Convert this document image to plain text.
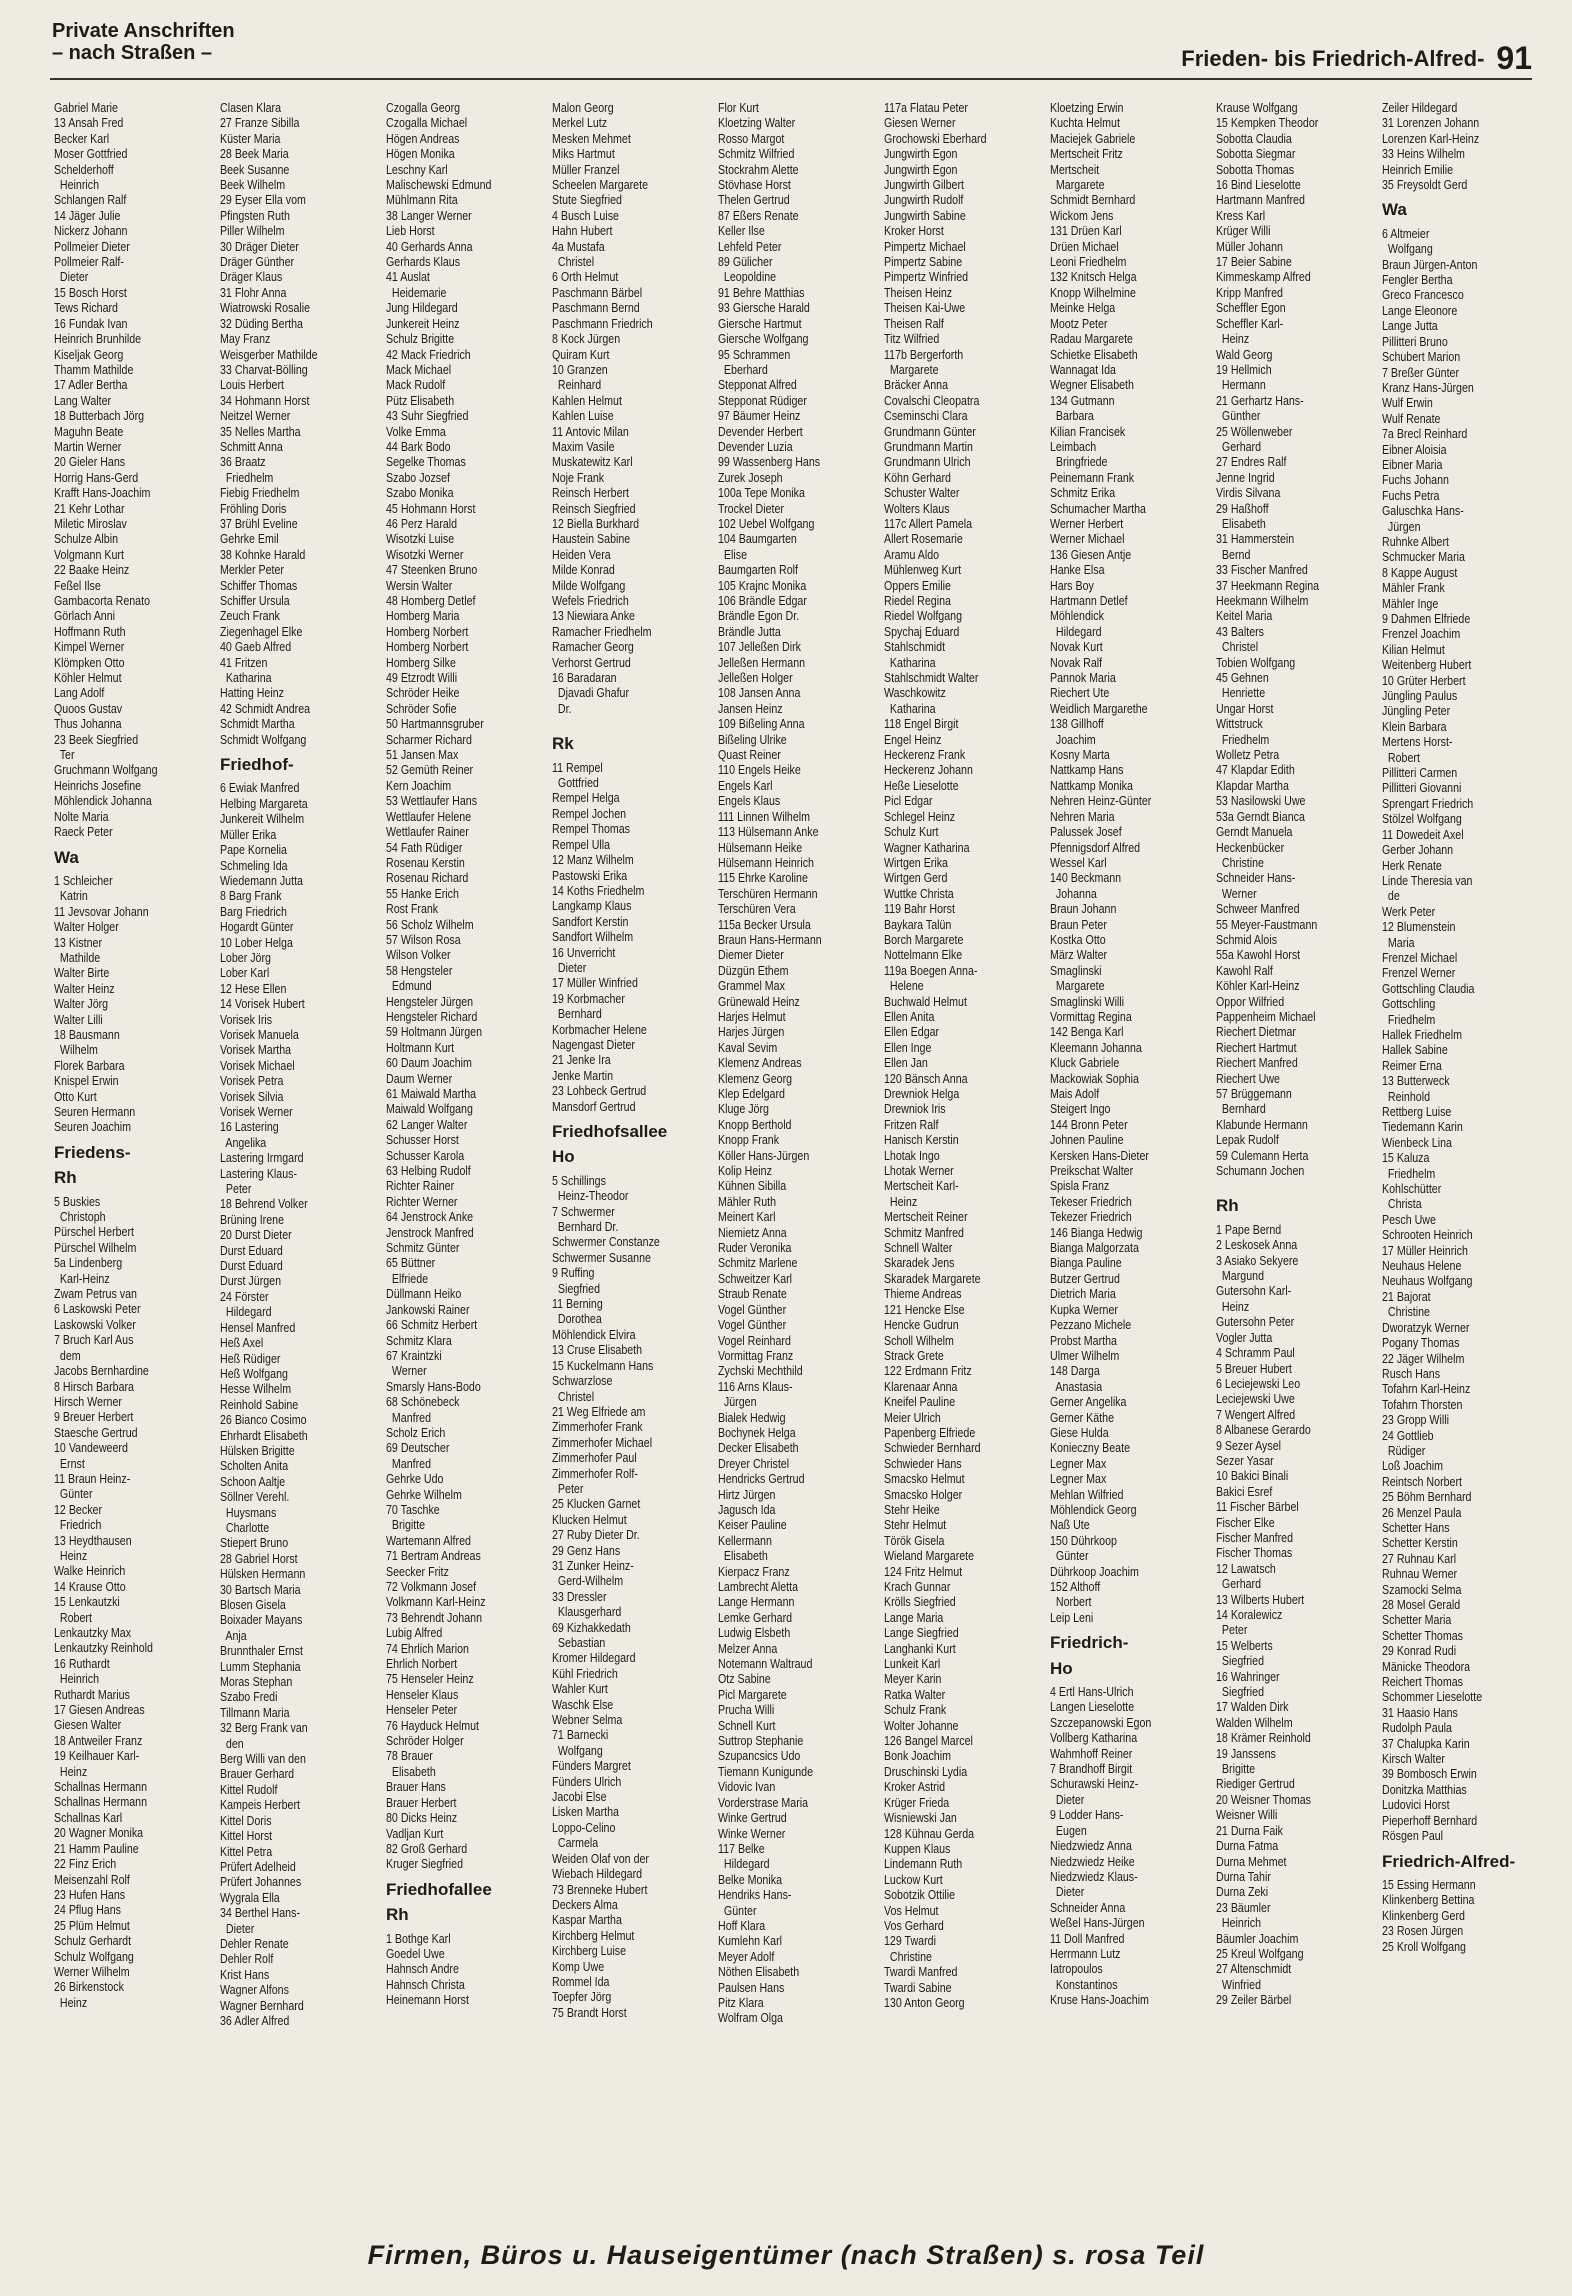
Private Anschriften
– nach Straßen –	Frieden- bis Friedrich-Alfred- 91
Gabriel Marie
13 Ansah Fred
Becker Karl
Moser Gottfried
Schelderhoff
Heinrich
Schlangen Ralf
14 Jäger Julie
Nickerz Johann
Pollmeier Dieter
Pollmeier Ralf-
Dieter
15 Bosch Horst
Tews Richard
16 Fundak Ivan
Heinrich Brunhilde
Kiseljak Georg
Thamm Mathilde
17 Adler Bertha
Lang Walter
18 Butterbach Jörg
Maguhn Beate
Martin Werner
20 Gieler Hans
Horrig Hans-Gerd
Krafft Hans-Joachim
21 Kehr Lothar
Miletic Miroslav
Schulze Albin
Volgmann Kurt
22 Baake Heinz
Feßel Ilse
Gambacorta Renato
Görlach Anni
Hoffmann Ruth
Kimpel Werner
Klömpken Otto
Köhler Helmut
Lang Adolf
Quoos Gustav
Thus Johanna
23 Beek Siegfried
Ter
Gruchmann Wolfgang
Heinrichs Josefine
Möhlendick Johanna
Nolte Maria
Raeck Peter
Wa
1 Schleicher
Katrin
11 Jevsovar Johann
Walter Holger
13 Kistner
Mathilde
Walter Birte
Walter Heinz
Walter Jörg
Walter Lilli
18 Bausmann
Wilhelm
Florek Barbara
Knispel Erwin
Otto Kurt
Seuren Hermann
Seuren Joachim
Friedens-
Rh
5 Buskies
Christoph
Pürschel Herbert
Pürschel Wilhelm
5a Lindenberg
Karl-Heinz
Zwam Petrus van
6 Laskowski Peter
Laskowski Volker
7 Bruch Karl Aus
dem
Jacobs Bernhardine
8 Hirsch Barbara
Hirsch Werner
9 Breuer Herbert
Staesche Gertrud
10 Vandeweerd
Ernst
11 Braun Heinz-
Günter
12 Becker
Friedrich
13 Heydthausen
Heinz
Walke Heinrich
14 Krause Otto
15 Lenkautzki
Robert
Lenkautzky Max
Lenkautzky Reinhold
16 Ruthardt
Heinrich
Ruthardt Marius
17 Giesen Andreas
Giesen Walter
18 Antweiler Franz
19 Keilhauer Karl-
Heinz
Schallnas Hermann
Schallnas Hermann
Schallnas Karl
20 Wagner Monika
21 Hamm Pauline
22 Finz Erich
Meisenzahl Rolf
23 Hufen Hans
24 Pflug Hans
25 Plüm Helmut
Schulz Gerhardt
Schulz Wolfgang
Werner Wilhelm
26 Birkenstock
Heinz
Clasen Klara
27 Franze Sibilla
Küster Maria
28 Beek Maria
Beek Susanne
Beek Wilhelm
29 Eyser Ella vom
Pfingsten Ruth
Piller Wilhelm
30 Dräger Dieter
Dräger Günther
Dräger Klaus
31 Flohr Anna
Wiatrowski Rosalie
32 Düding Bertha
May Franz
Weisgerber Mathilde
33 Charvat-Bölling
Louis Herbert
34 Hohmann Horst
Neitzel Werner
35 Nelles Martha
Schmitt Anna
36 Braatz
Friedhelm
Fiebig Friedhelm
Fröhling Doris
37 Brühl Eveline
Gehrke Emil
38 Kohnke Harald
Merkler Peter
Schiffer Thomas
Schiffer Ursula
Zeuch Frank
Ziegenhagel Elke
40 Gaeb Alfred
41 Fritzen
Katharina
Hatting Heinz
42 Schmidt Andrea
Schmidt Martha
Schmidt Wolfgang
Friedhof-
6 Ewiak Manfred
Helbing Margareta
Junkereit Wilhelm
Müller Erika
Pape Kornelia
Schmeling Ida
Wiedemann Jutta
8 Barg Frank
Barg Friedrich
Hogardt Günter
10 Lober Helga
Lober Jörg
Lober Karl
12 Hese Ellen
14 Vorisek Hubert
Vorisek Iris
Vorisek Manuela
Vorisek Martha
Vorisek Michael
Vorisek Petra
Vorisek Silvia
Vorisek Werner
16 Lastering
Angelika
Lastering Irmgard
Lastering Klaus-
Peter
18 Behrend Volker
Brüning Irene
20 Durst Dieter
Durst Eduard
Durst Eduard
Durst Jürgen
24 Förster
Hildegard
Hensel Manfred
Heß Axel
Heß Rüdiger
Heß Wolfgang
Hesse Wilhelm
Reinhold Sabine
26 Bianco Cosimo
Ehrhardt Elisabeth
Hülsken Brigitte
Scholten Anita
Schoon Aaltje
Söllner Verehl.
Huysmans
Charlotte
Stiepert Bruno
28 Gabriel Horst
Hülsken Hermann
30 Bartsch Maria
Blosen Gisela
Boixader Mayans
Anja
Brunnthaler Ernst
Lumm Stephania
Moras Stephan
Szabo Fredi
Tillmann Maria
32 Berg Frank van
den
Berg Willi van den
Brauer Gerhard
Kittel Rudolf
Kampeis Herbert
Kittel Doris
Kittel Horst
Kittel Petra
Prüfert Adelheid
Prüfert Johannes
Wygrala Ella
34 Berthel Hans-
Dieter
Dehler Renate
Dehler Rolf
Krist Hans
Wagner Alfons
Wagner Bernhard
36 Adler Alfred
Czogalla Georg
Czogalla Michael
Högen Andreas
Högen Monika
Leschny Karl
Malischewski Edmund
Mühlmann Rita
38 Langer Werner
Lieb Horst
40 Gerhards Anna
Gerhards Klaus
41 Auslat
Heidemarie
Jung Hildegard
Junkereit Heinz
Schulz Brigitte
42 Mack Friedrich
Mack Michael
Mack Rudolf
Pütz Elisabeth
43 Suhr Siegfried
Volke Emma
44 Bark Bodo
Segelke Thomas
Szabo Jozsef
Szabo Monika
45 Hohmann Horst
46 Perz Harald
Wisotzki Luise
Wisotzki Werner
47 Steenken Bruno
Wersin Walter
48 Homberg Detlef
Homberg Maria
Homberg Norbert
Homberg Norbert
Homberg Silke
49 Etzrodt Willi
Schröder Heike
Schröder Sofie
50 Hartmannsgruber
Scharmer Richard
51 Jansen Max
52 Gemüth Reiner
Kern Joachim
53 Wettlaufer Hans
Wettlaufer Helene
Wettlaufer Rainer
54 Fath Rüdiger
Rosenau Kerstin
Rosenau Richard
55 Hanke Erich
Rost Frank
56 Scholz Wilhelm
57 Wilson Rosa
Wilson Volker
58 Hengsteler
Edmund
Hengsteler Jürgen
Hengsteler Richard
59 Holtmann Jürgen
Holtmann Kurt
60 Daum Joachim
Daum Werner
61 Maiwald Martha
Maiwald Wolfgang
62 Langer Walter
Schusser Horst
Schusser Karola
63 Helbing Rudolf
Richter Rainer
Richter Werner
64 Jenstrock Anke
Jenstrock Manfred
Schmitz Günter
65 Büttner
Elfriede
Düllmann Heiko
Jankowski Rainer
66 Schmitz Herbert
Schmitz Klara
67 Kraintzki
Werner
Smarsly Hans-Bodo
68 Schönebeck
Manfred
Scholz Erich
69 Deutscher
Manfred
Gehrke Udo
Gehrke Wilhelm
70 Taschke
Brigitte
Wartemann Alfred
71 Bertram Andreas
Seecker Fritz
72 Volkmann Josef
Volkmann Karl-Heinz
73 Behrendt Johann
Lubig Alfred
74 Ehrlich Marion
Ehrlich Norbert
75 Henseler Heinz
Henseler Klaus
Henseler Peter
76 Hayduck Helmut
Schröder Holger
78 Brauer
Elisabeth
Brauer Hans
Brauer Herbert
80 Dicks Heinz
Vadljan Kurt
82 Groß Gerhard
Kruger Siegfried
Friedhofallee
Rh
1 Bothge Karl
Goedel Uwe
Hahnsch Andre
Hahnsch Christa
Heinemann Horst
Malon Georg
Merkel Lutz
Mesken Mehmet
Miks Hartmut
Müller Franzel
Scheelen Margarete
Stute Siegfried
4 Busch Luise
Hahn Hubert
4a Mustafa
Christel
6 Orth Helmut
Paschmann Bärbel
Paschmann Bernd
Paschmann Friedrich
8 Kock Jürgen
Quiram Kurt
10 Granzen
Reinhard
Kahlen Helmut
Kahlen Luise
11 Antovic Milan
Maxim Vasile
Muskatewitz Karl
Noje Frank
Reinsch Herbert
Reinsch Siegfried
12 Biella Burkhard
Haustein Sabine
Heiden Vera
Milde Konrad
Milde Wolfgang
Wefels Friedrich
13 Niewiara Anke
Ramacher Friedhelm
Ramacher Georg
Verhorst Gertrud
16 Baradaran
Djavadi Ghafur
Dr.
Rk
11 Rempel
Gottfried
Rempel Helga
Rempel Jochen
Rempel Thomas
Rempel Ulla
12 Manz Wilhelm
Pastowski Erika
14 Koths Friedhelm
Langkamp Klaus
Sandfort Kerstin
Sandfort Wilhelm
16 Unverricht
Dieter
17 Müller Winfried
19 Korbmacher
Bernhard
Korbmacher Helene
Nagengast Dieter
21 Jenke Ira
Jenke Martin
23 Lohbeck Gertrud
Mansdorf Gertrud
Friedhofsallee
Ho
5 Schillings
Heinz-Theodor
7 Schwermer
Bernhard Dr.
Schwermer Constanze
Schwermer Susanne
9 Ruffing
Siegfried
11 Berning
Dorothea
Möhlendick Elvira
13 Cruse Elisabeth
15 Kuckelmann Hans
Schwarzlose
Christel
21 Weg Elfriede am
Zimmerhofer Frank
Zimmerhofer Michael
Zimmerhofer Paul
Zimmerhofer Rolf-
Peter
25 Klucken Garnet
Klucken Helmut
27 Ruby Dieter Dr.
29 Genz Hans
31 Zunker Heinz-
Gerd-Wilhelm
33 Dressler
Klausgerhard
69 Kizhakkedath
Sebastian
Kromer Hildegard
Kühl Friedrich
Wahler Kurt
Waschk Else
Webner Selma
71 Barnecki
Wolfgang
Fünders Margret
Fünders Ulrich
Jacobi Else
Lisken Martha
Loppo-Celino
Carmela
Weiden Olaf von der
Wiebach Hildegard
73 Brenneke Hubert
Deckers Alma
Kaspar Martha
Kirchberg Helmut
Kirchberg Luise
Komp Uwe
Rommel Ida
Toepfer Jörg
75 Brandt Horst
Flor Kurt
Kloetzing Walter
Rosso Margot
Schmitz Wilfried
Stockrahm Alette
Stövhase Horst
Thelen Gertrud
87 Eßers Renate
Keller Ilse
Lehfeld Peter
89 Gülicher
Leopoldine
91 Behre Matthias
93 Giersche Harald
Giersche Hartmut
Giersche Wolfgang
95 Schrammen
Eberhard
Stepponat Alfred
Stepponat Rüdiger
97 Bäumer Heinz
Devender Herbert
Devender Luzia
99 Wassenberg Hans
Zurek Joseph
100a Tepe Monika
Trockel Dieter
102 Uebel Wolfgang
104 Baumgarten
Elise
Baumgarten Rolf
105 Krajnc Monika
106 Brändle Edgar
Brändle Egon Dr.
Brändle Jutta
107 Jelleßen Dirk
Jelleßen Hermann
Jelleßen Holger
108 Jansen Anna
Jansen Heinz
109 Bißeling Anna
Bißeling Ulrike
Quast Reiner
110 Engels Heike
Engels Karl
Engels Klaus
111 Linnen Wilhelm
113 Hülsemann Anke
Hülsemann Heike
Hülsemann Heinrich
115 Ehrke Karoline
Terschüren Hermann
Terschüren Vera
115a Becker Ursula
Braun Hans-Hermann
Diemer Dieter
Düzgün Ethem
Grammel Max
Grünewald Heinz
Harjes Helmut
Harjes Jürgen
Kaval Sevim
Klemenz Andreas
Klemenz Georg
Klep Edelgard
Kluge Jörg
Knopp Berthold
Knopp Frank
Köller Hans-Jürgen
Kolip Heinz
Kühnen Sibilla
Mähler Ruth
Meinert Karl
Niemietz Anna
Ruder Veronika
Schmitz Marlene
Schweitzer Karl
Straub Renate
Vogel Günther
Vogel Günther
Vogel Reinhard
Vormittag Franz
Zychski Mechthild
116 Arns Klaus-
Jürgen
Bialek Hedwig
Bochynek Helga
Decker Elisabeth
Dreyer Christel
Hendricks Gertrud
Hirtz Jürgen
Jagusch Ida
Keiser Pauline
Kellermann
Elisabeth
Kierpacz Franz
Lambrecht Aletta
Lange Hermann
Lemke Gerhard
Ludwig Elsbeth
Melzer Anna
Notemann Waltraud
Otz Sabine
Picl Margarete
Prucha Willi
Schnell Kurt
Suttrop Stephanie
Szupancsics Udo
Tiemann Kunigunde
Vidovic Ivan
Vorderstrase Maria
Winke Gertrud
Winke Werner
117 Belke
Hildegard
Belke Monika
Hendriks Hans-
Günter
Hoff Klara
Kumlehn Karl
Meyer Adolf
Nöthen Elisabeth
Paulsen Hans
Pitz Klara
Wolfram Olga
117a Flatau Peter
Giesen Werner
Grochowski Eberhard
Jungwirth Egon
Jungwirth Egon
Jungwirth Gilbert
Jungwirth Rudolf
Jungwirth Sabine
Kroker Horst
Pimpertz Michael
Pimpertz Sabine
Pimpertz Winfried
Theisen Heinz
Theisen Kai-Uwe
Theisen Ralf
Titz Wilfried
117b Bergerforth
Margarete
Bräcker Anna
Covalschi Cleopatra
Cseminschi Clara
Grundmann Günter
Grundmann Martin
Grundmann Ulrich
Köhn Gerhard
Schuster Walter
Wolters Klaus
117c Allert Pamela
Allert Rosemarie
Aramu Aldo
Mühlenweg Kurt
Oppers Emilie
Riedel Regina
Riedel Wolfgang
Spychaj Eduard
Stahlschmidt
Katharina
Stahlschmidt Walter
Waschkowitz
Katharina
118 Engel Birgit
Engel Heinz
Heckerenz Frank
Heckerenz Johann
Heße Lieselotte
Picl Edgar
Schlegel Heinz
Schulz Kurt
Wagner Katharina
Wirtgen Erika
Wirtgen Gerd
Wuttke Christa
119 Bahr Horst
Baykara Talün
Borch Margarete
Nottelmann Elke
119a Boegen Anna-
Helene
Buchwald Helmut
Ellen Anita
Ellen Edgar
Ellen Inge
Ellen Jan
120 Bänsch Anna
Drewniok Helga
Drewniok Iris
Fritzen Ralf
Hanisch Kerstin
Lhotak Ingo
Lhotak Werner
Mertscheit Karl-
Heinz
Mertscheit Reiner
Schmitz Manfred
Schnell Walter
Skaradek Jens
Skaradek Margarete
Thieme Andreas
121 Hencke Else
Hencke Gudrun
Scholl Wilhelm
Strack Grete
122 Erdmann Fritz
Klarenaar Anna
Kneifel Pauline
Meier Ulrich
Papenberg Elfriede
Schwieder Bernhard
Schwieder Hans
Smacsko Helmut
Smacsko Holger
Stehr Heike
Stehr Helmut
Török Gisela
Wieland Margarete
124 Fritz Helmut
Krach Gunnar
Krölls Siegfried
Lange Maria
Lange Siegfried
Langhanki Kurt
Lunkeit Karl
Meyer Karin
Ratka Walter
Schulz Frank
Wolter Johanne
126 Bangel Marcel
Bonk Joachim
Druschinski Lydia
Kroker Astrid
Krüger Frieda
Wisniewski Jan
128 Kühnau Gerda
Kuppen Klaus
Lindemann Ruth
Luckow Kurt
Sobotzik Ottilie
Vos Helmut
Vos Gerhard
129 Twardi
Christine
Twardi Manfred
Twardi Sabine
130 Anton Georg
Kloetzing Erwin
Kuchta Helmut
Maciejek Gabriele
Mertscheit Fritz
Mertscheit
Margarete
Schmidt Bernhard
Wickom Jens
131 Drüen Karl
Drüen Michael
Leoni Friedhelm
132 Knitsch Helga
Knopp Wilhelmine
Meinke Helga
Mootz Peter
Radau Margarete
Schietke Elisabeth
Wannagat Ida
Wegner Elisabeth
134 Gutmann
Barbara
Kilian Francisek
Leimbach
Bringfriede
Peinemann Frank
Schmitz Erika
Schumacher Martha
Werner Herbert
Werner Michael
136 Giesen Antje
Hanke Elsa
Hars Boy
Hartmann Detlef
Möhlendick
Hildegard
Novak Kurt
Novak Ralf
Pannok Maria
Riechert Ute
Weidlich Margarethe
138 Gillhoff
Joachim
Kosny Marta
Nattkamp Hans
Nattkamp Monika
Nehren Heinz-Günter
Nehren Maria
Palussek Josef
Pfennigsdorf Alfred
Wessel Karl
140 Beckmann
Johanna
Braun Johann
Braun Peter
Kostka Otto
März Walter
Smaglinski
Margarete
Smaglinski Willi
Vormittag Regina
142 Benga Karl
Kleemann Johanna
Kluck Gabriele
Mackowiak Sophia
Mais Adolf
Steigert Ingo
144 Bronn Peter
Johnen Pauline
Kersken Hans-Dieter
Preikschat Walter
Spisla Franz
Tekeser Friedrich
Tekezer Friedrich
146 Bianga Hedwig
Bianga Malgorzata
Bianga Pauline
Butzer Gertrud
Dietrich Maria
Kupka Werner
Pezzano Michele
Probst Martha
Ulmer Wilhelm
148 Darga
Anastasia
Gerner Angelika
Gerner Käthe
Giese Hulda
Konieczny Beate
Legner Max
Legner Max
Mehlan Wilfried
Möhlendick Georg
Naß Ute
150 Dührkoop
Günter
Dührkoop Joachim
152 Althoff
Norbert
Leip Leni
Friedrich-
Ho
4 Ertl Hans-Ulrich
Langen Lieselotte
Szczepanowski Egon
Vollberg Katharina
Wahmhoff Reiner
7 Brandhoff Birgit
Schurawski Heinz-
Dieter
9 Lodder Hans-
Eugen
Niedzwiedz Anna
Niedzwiedz Heike
Niedzwiedz Klaus-
Dieter
Schneider Anna
Weßel Hans-Jürgen
11 Doll Manfred
Herrmann Lutz
Iatropoulos
Konstantinos
Kruse Hans-Joachim
Krause Wolfgang
15 Kempken Theodor
Sobotta Claudia
Sobotta Siegmar
Sobotta Thomas
16 Bind Lieselotte
Hartmann Manfred
Kress Karl
Krüger Willi
Müller Johann
17 Beier Sabine
Kimmeskamp Alfred
Kripp Manfred
Scheffler Egon
Scheffler Karl-
Heinz
Wald Georg
19 Hellmich
Hermann
21 Gerhartz Hans-
Günther
25 Wöllenweber
Gerhard
27 Endres Ralf
Jenne Ingrid
Virdis Silvana
29 Haßhoff
Elisabeth
31 Hammerstein
Bernd
33 Fischer Manfred
37 Heekmann Regina
Heekmann Wilhelm
Keitel Maria
43 Balters
Christel
Tobien Wolfgang
45 Gehnen
Henriette
Ungar Horst
Wittstruck
Friedhelm
Wolletz Petra
47 Klapdar Edith
Klapdar Martha
53 Nasilowski Uwe
53a Gerndt Bianca
Gerndt Manuela
Heckenbücker
Christine
Schneider Hans-
Werner
Schweer Manfred
55 Meyer-Faustmann
Schmid Alois
55a Kawohl Horst
Kawohl Ralf
Köhler Karl-Heinz
Oppor Wilfried
Pappenheim Michael
Riechert Dietmar
Riechert Hartmut
Riechert Manfred
Riechert Uwe
57 Brüggemann
Bernhard
Klabunde Hermann
Lepak Rudolf
59 Culemann Herta
Schumann Jochen
Rh
1 Pape Bernd
2 Leskosek Anna
3 Asiako Sekyere
Margund
Gutersohn Karl-
Heinz
Gutersohn Peter
Vogler Jutta
4 Schramm Paul
5 Breuer Hubert
6 Leciejewski Leo
Leciejewski Uwe
7 Wengert Alfred
8 Albanese Gerardo
9 Sezer Aysel
Sezer Yasar
10 Bakici Binali
Bakici Esref
11 Fischer Bärbel
Fischer Elke
Fischer Manfred
Fischer Thomas
12 Lawatsch
Gerhard
13 Wilberts Hubert
14 Koralewicz
Peter
15 Welberts
Siegfried
16 Wahringer
Siegfried
17 Walden Dirk
Walden Wilhelm
18 Krämer Reinhold
19 Janssens
Brigitte
Riediger Gertrud
20 Weisner Thomas
Weisner Willi
21 Durna Faik
Durna Fatma
Durna Mehmet
Durna Tahir
Durna Zeki
23 Bäumler
Heinrich
Bäumler Joachim
25 Kreul Wolfgang
27 Altenschmidt
Winfried
29 Zeiler Bärbel
Zeiler Hildegard
31 Lorenzen Johann
Lorenzen Karl-Heinz
33 Heins Wilhelm
Heinrich Emilie
35 Freysoldt Gerd
Wa
6 Altmeier
Wolfgang
Braun Jürgen-Anton
Fengler Bertha
Greco Francesco
Lange Eleonore
Lange Jutta
Pillitteri Bruno
Schubert Marion
7 Breßer Günter
Kranz Hans-Jürgen
Wulf Erwin
Wulf Renate
7a Brecl Reinhard
Eibner Aloisia
Eibner Maria
Fuchs Johann
Fuchs Petra
Galuschka Hans-
Jürgen
Ruhnke Albert
Schmucker Maria
8 Kappe August
Mähler Frank
Mähler Inge
9 Dahmen Elfriede
Frenzel Joachim
Kilian Helmut
Weitenberg Hubert
10 Grüter Herbert
Jüngling Paulus
Jüngling Peter
Klein Barbara
Mertens Horst-
Robert
Pillitteri Carmen
Pillitteri Giovanni
Sprengart Friedrich
Stölzel Wolfgang
11 Dowedeit Axel
Gerber Johann
Herk Renate
Linde Theresia van
de
Werk Peter
12 Blumenstein
Maria
Frenzel Michael
Frenzel Werner
Gottschling Claudia
Gottschling
Friedhelm
Hallek Friedhelm
Hallek Sabine
Reimer Erna
13 Butterweck
Reinhold
Rettberg Luise
Tiedemann Karin
Wienbeck Lina
15 Kaluza
Friedhelm
Kohlschütter
Christa
Pesch Uwe
Schrooten Heinrich
17 Müller Heinrich
Neuhaus Helene
Neuhaus Wolfgang
21 Bajorat
Christine
Dworatzyk Werner
Pogany Thomas
22 Jäger Wilhelm
Rusch Hans
Tofahrn Karl-Heinz
Tofahrn Thorsten
23 Gropp Willi
24 Gottlieb
Rüdiger
Loß Joachim
Reintsch Norbert
25 Böhm Bernhard
26 Menzel Paula
Schetter Hans
Schetter Kerstin
27 Ruhnau Karl
Ruhnau Werner
Szamocki Selma
28 Mosel Gerald
Schetter Maria
Schetter Thomas
29 Konrad Rudi
Mänicke Theodora
Reichert Thomas
Schommer Lieselotte
31 Haasio Hans
Rudolph Paula
37 Chalupka Karin
Kirsch Walter
39 Bombosch Erwin
Donitzka Matthias
Ludovici Horst
Pieperhoff Bernhard
Rösgen Paul
Friedrich-Alfred-
15 Essing Hermann
Klinkenberg Bettina
Klinkenberg Gerd
23 Rosen Jürgen
25 Kroll Wolfgang
Firmen, Büros u. Hauseigentümer (nach Straßen) s. rosa Teil
